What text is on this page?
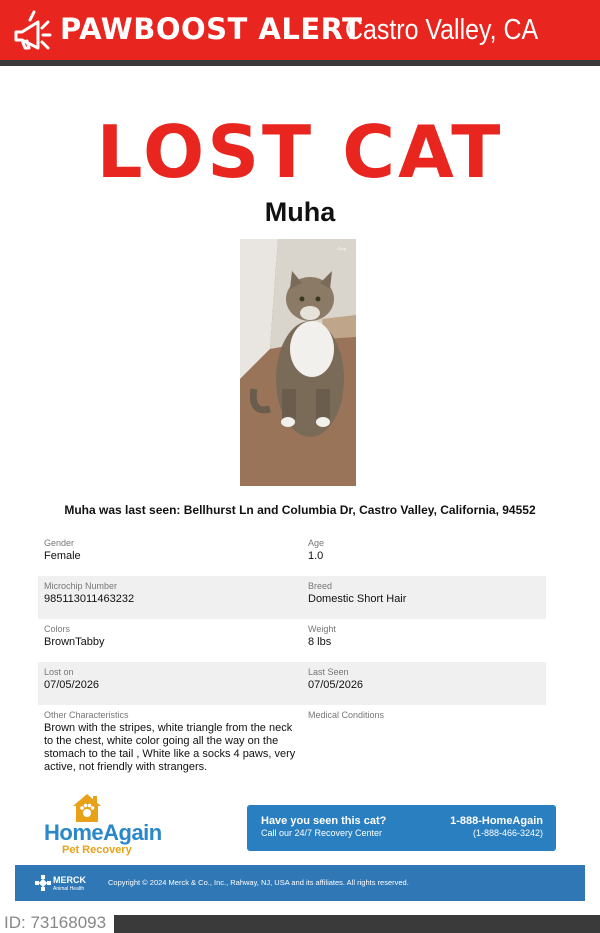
PAWBOOST ALERT
Castro Valley, CA
LOST CAT
Muha
Crop
Muha was last seen: Bellhurst Ln and Columbia Dr, Castro Valley, California, 94552
Gender
Female
Age
1.0
Microchip Number
985113011463232
Breed
Domestic Short Hair
Colors
BrownTabby
Weight
8 lbs
Lost on
07/05/2026
Last Seen
07/05/2026
Other Characteristics
Brown with the stripes, white triangle from the neck to the chest, white color going all the way on the stomach to the tail , White like a socks 4 paws, very active, not friendly with strangers.
Medical Conditions
HomeAgain
Pet Recovery
Have you seen this cat?
Call our 24/7 Recovery Center
1-888-HomeAgain
(1-888-466-3242)
MERCK
Animal Health
Copyright © 2024 Merck & Co., Inc., Rahway, NJ, USA and its affiliates. All rights reserved.
ID: 73168093
